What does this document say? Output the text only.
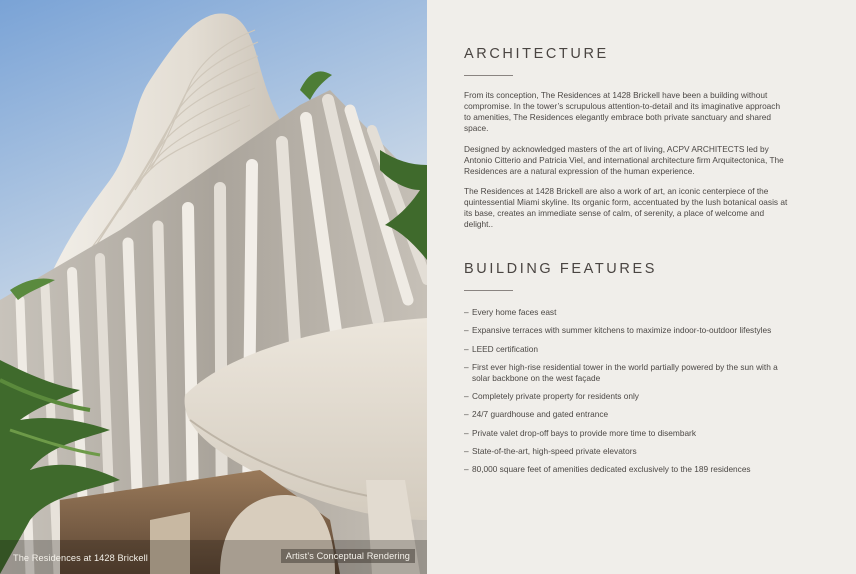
The Residences at 1428 Brickell	Artist’s Conceptual Rendering
ARCHITECTURE

From its conception, The Residences at 1428 Brickell have been a building without compromise. In the tower’s scrupulous attention-to-detail and its imaginative approach to amenities, The Residences elegantly embrace both private sanctuary and shared space.

Designed by acknowledged masters of the art of living, ACPV ARCHITECTS led by Antonio Citterio and Patricia Viel, and international architecture firm Arquitectonica, The Residences are a natural expression of the human experience.

The Residences at 1428 Brickell are also a work of art, an iconic centerpiece of the quintessential Miami skyline. Its organic form, accentuated by the lush botanical oasis at its base, creates an immediate sense of calm, of serenity, a place of welcome and delight..

BUILDING FEATURES
– Every home faces east
– Expansive terraces with summer kitchens to maximize indoor-to-outdoor lifestyles
– LEED certification
– First ever high-rise residential tower in the world partially powered by the sun with a solar backbone on the west façade
– Completely private property for residents only
– 24/7 guardhouse and gated entrance
– Private valet drop-off bays to provide more time to disembark
– State-of-the-art, high-speed private elevators
– 80,000 square feet of amenities dedicated exclusively to the 189 residences
